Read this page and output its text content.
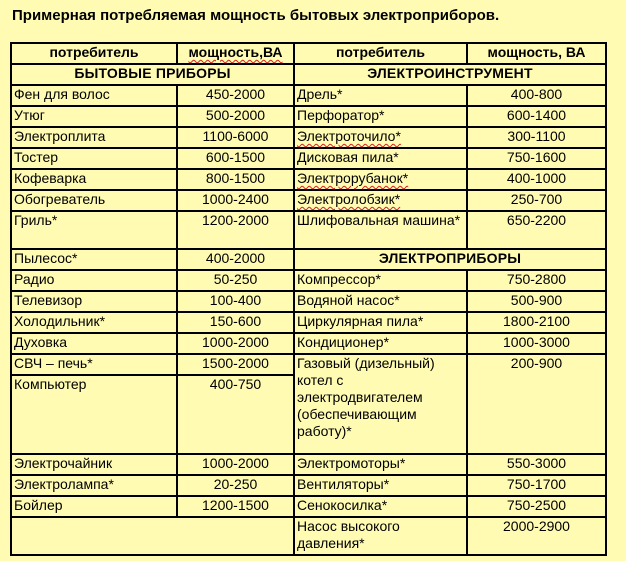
Примерная потребляемая мощность бытовых электроприборов.
потребитель	мощность,ВА	потребитель	мощность, ВА
БЫТОВЫЕ ПРИБОРЫ		ЭЛЕКТРОИНСТРУМЕНТ	
Фен для волос	450-2000	Дрель*	400-800
Утюг	500-2000	Перфоратор*	600-1400
Электроплита	1100-6000	Электроточило*	300-1100
Тостер	600-1500	Дисковая пила*	750-1600
Кофеварка	800-1500	Электрорубанок*	400-1000
Обогреватель	1000-2400	Электролобзик*	250-700
Гриль*	1200-2000	Шлифовальная машина*	650-2200
Пылесос*	400-2000	ЭЛЕКТРОПРИБОРЫ	
Радио	50-250	Компрессор*	750-2800
Телевизор	100-400	Водяной насос*	500-900
Холодильник*	150-600	Циркулярная пила*	1800-2100
Духовка	1000-2000	Кондиционер*	1000-3000
СВЧ – печь*	1500-2000	Газовый (дизельный) котел с электродвигателем (обеспечивающим работу)*	200-900
Компьютер	400-750		
Электрочайник	1000-2000	Электромоторы*	550-3000
Электролампа*	20-250	Вентиляторы*	750-1700
Бойлер	1200-1500	Сенокосилка*	750-2500
		Насос высокого давления*	2000-2900
